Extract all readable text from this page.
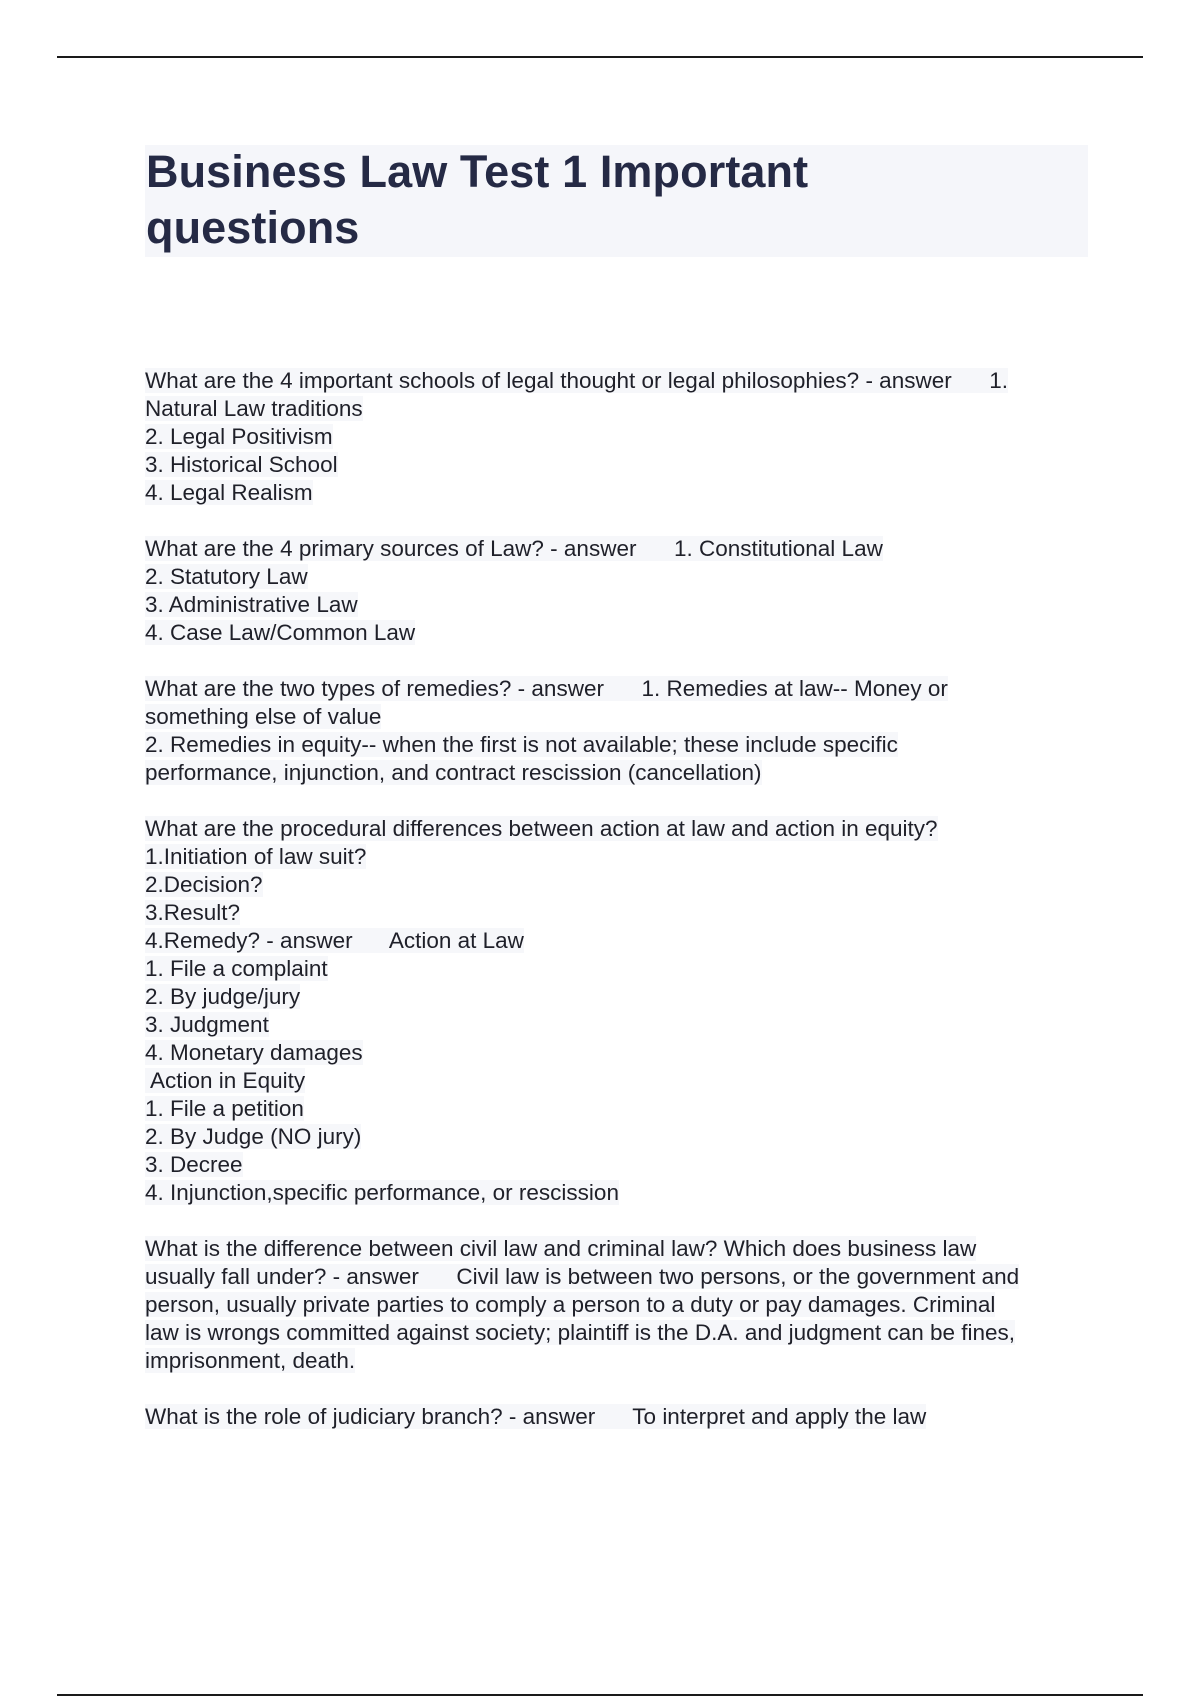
Business Law Test 1 Important
questions
What are the 4 important schools of legal thought or legal philosophies? - answer      1.
Natural Law traditions
2. Legal Positivism
3. Historical School
4. Legal Realism
What are the 4 primary sources of Law? - answer      1. Constitutional Law
2. Statutory Law
3. Administrative Law
4. Case Law/Common Law
What are the two types of remedies? - answer      1. Remedies at law-- Money or
something else of value
2. Remedies in equity-- when the first is not available; these include specific
performance, injunction, and contract rescission (cancellation)
What are the procedural differences between action at law and action in equity?
1.Initiation of law suit?
2.Decision?
3.Result?
4.Remedy? - answer      Action at Law
1. File a complaint
2. By judge/jury
3. Judgment
4. Monetary damages
Action in Equity
1. File a petition
2. By Judge (NO jury)
3. Decree
4. Injunction,specific performance, or rescission
What is the difference between civil law and criminal law? Which does business law
usually fall under? - answer      Civil law is between two persons, or the government and
person, usually private parties to comply a person to a duty or pay damages. Criminal
law is wrongs committed against society; plaintiff is the D.A. and judgment can be fines,
imprisonment, death.
What is the role of judiciary branch? - answer      To interpret and apply the law
